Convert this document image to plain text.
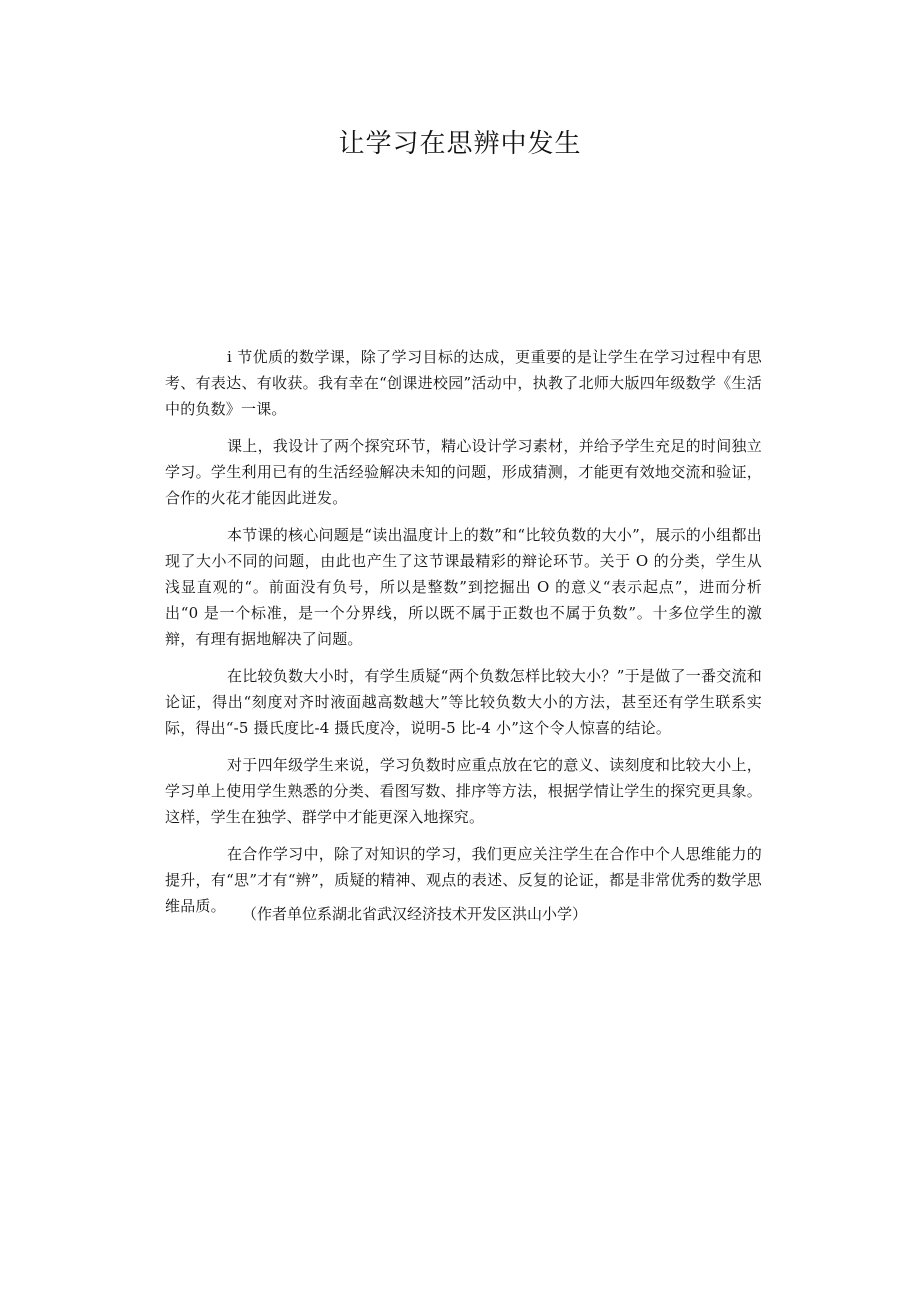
让学习在思辨中发生

i 节优质的数学课，除了学习目标的达成，更重要的是让学生在学习过程中有思考、有表达、有收获。我有幸在“创课进校园”活动中，执教了北师大版四年级数学《生活中的负数》一课。

课上，我设计了两个探究环节，精心设计学习素材，并给予学生充足的时间独立学习。学生利用已有的生活经验解决未知的问题，形成猜测，才能更有效地交流和验证，合作的火花才能因此迸发。

本节课的核心问题是“读出温度计上的数”和“比较负数的大小”，展示的小组都出现了大小不同的问题，由此也产生了这节课最精彩的辩论环节。关于 O 的分类，学生从浅显直观的“。前面没有负号，所以是整数”到挖掘出 O 的意义“表示起点”，进而分析出“0 是一个标准，是一个分界线，所以既不属于正数也不属于负数”。十多位学生的激辩，有理有据地解决了问题。

在比较负数大小时，有学生质疑“两个负数怎样比较大小？”于是做了一番交流和论证，得出“刻度对齐时液面越高数越大”等比较负数大小的方法，甚至还有学生联系实际，得出“-5 摄氏度比-4 摄氏度冷，说明-5 比-4 小”这个令人惊喜的结论。

对于四年级学生来说，学习负数时应重点放在它的意义、读刻度和比较大小上，学习单上使用学生熟悉的分类、看图写数、排序等方法，根据学情让学生的探究更具象。这样，学生在独学、群学中才能更深入地探究。

在合作学习中，除了对知识的学习，我们更应关注学生在合作中个人思维能力的提升，有“思”才有“辨”，质疑的精神、观点的表述、反复的论证，都是非常优秀的数学思维品质。	（作者单位系湖北省武汉经济技术开发区洪山小学）
